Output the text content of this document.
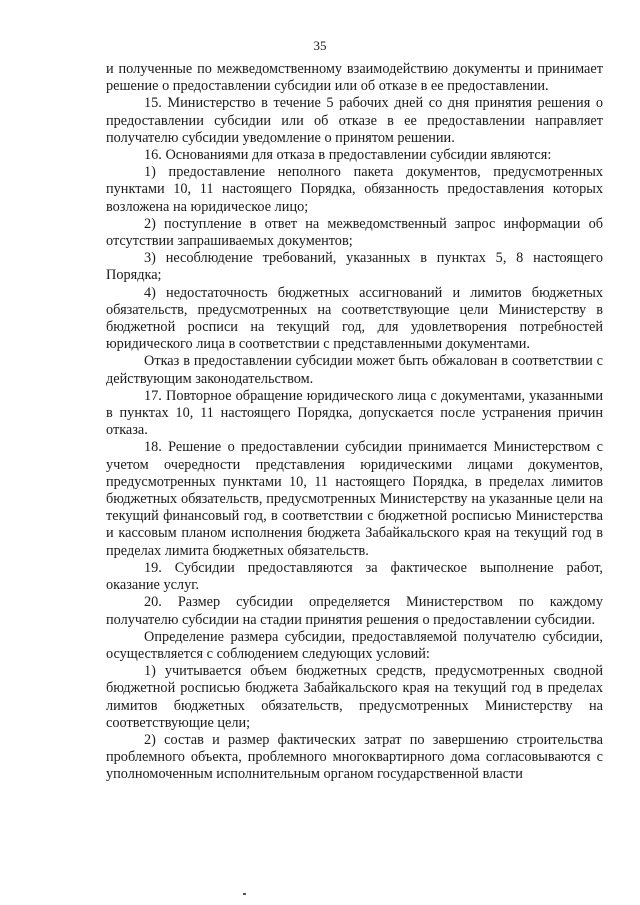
35

и полученные по межведомственному взаимодействию документы и принимает решение о предоставлении субсидии или об отказе в ее предоставлении.

15. Министерство в течение 5 рабочих дней со дня принятия решения о предоставлении субсидии или об отказе в ее предоставлении направляет получателю субсидии уведомление о принятом решении.

16. Основаниями для отказа в предоставлении субсидии являются:

1) предоставление неполного пакета документов, предусмотренных пунктами 10, 11 настоящего Порядка, обязанность предоставления которых возложена на юридическое лицо;

2) поступление в ответ на межведомственный запрос информации об отсутствии запрашиваемых документов;

3) несоблюдение требований, указанных в пунктах 5, 8 настоящего Порядка;

4) недостаточность бюджетных ассигнований и лимитов бюджетных обязательств, предусмотренных на соответствующие цели Министерству в бюджетной росписи на текущий год, для удовлетворения потребностей юридического лица в соответствии с представленными документами.

Отказ в предоставлении субсидии может быть обжалован в соответствии с действующим законодательством.

17. Повторное обращение юридического лица с документами, указанными в пунктах 10, 11 настоящего Порядка, допускается после устранения причин отказа.

18. Решение о предоставлении субсидии принимается Министерством с учетом очередности представления юридическими лицами документов, предусмотренных пунктами 10, 11 настоящего Порядка, в пределах лимитов бюджетных обязательств, предусмотренных Министерству на указанные цели на текущий финансовый год, в соответствии с бюджетной росписью Министерства и кассовым планом исполнения бюджета Забайкальского края на текущий год в пределах лимита бюджетных обязательств.

19. Субсидии предоставляются за фактическое выполнение работ, оказание услуг.

20. Размер субсидии определяется Министерством по каждому получателю субсидии на стадии принятия решения о предоставлении субсидии.

Определение размера субсидии, предоставляемой получателю субсидии, осуществляется с соблюдением следующих условий:

1) учитывается объем бюджетных средств, предусмотренных сводной бюджетной росписью бюджета Забайкальского края на текущий год в пределах лимитов бюджетных обязательств, предусмотренных Министерству на соответствующие цели;

2) состав и размер фактических затрат по завершению строительства проблемного объекта, проблемного многоквартирного дома согласовываются с уполномоченным исполнительным органом государственной власти
